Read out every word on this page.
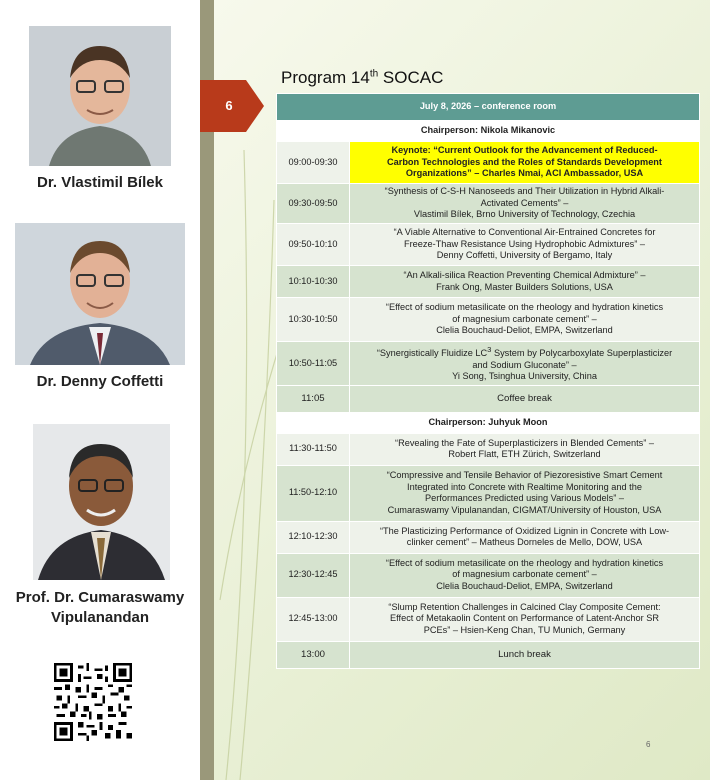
Dr. Vlastimil Bílek
Dr. Denny Coffetti
Prof. Dr. Cumaraswamy
Vipulanandan
6
Program 14th SOCAC
July 8, 2026 – conference room	
Chairperson: Nikola Mikanovic	
09:00-09:30	Keynote: “Current Outlook for the Advancement of Reduced-
Carbon Technologies and the Roles of Standards Development
Organizations” – Charles Nmai, ACI Ambassador, USA

09:30-09:50	“Synthesis of C-S-H Nanoseeds and Their Utilization in Hybrid Alkali-
Activated Cements” –
Vlastimil Bílek, Brno University of Technology, Czechia

09:50-10:10	“A Viable Alternative to Conventional Air-Entrained Concretes for
Freeze-Thaw Resistance Using Hydrophobic Admixtures” –
Denny Coffetti, University of Bergamo, Italy

10:10-10:30	“An Alkali-silica Reaction Preventing Chemical Admixture” –
Frank Ong, Master Builders Solutions, USA

10:30-10:50	“Effect of sodium metasilicate on the rheology and hydration kinetics
of magnesium carbonate cement” –
Clelia Bouchaud-Deliot, EMPA, Switzerland

10:50-11:05	“Synergistically Fluidize $LC^3$ System by Polycarboxylate Superplasticizer
and Sodium Gluconate” –
Yi Song, Tsinghua University, China

11:05	Coffee break
Chairperson: Juhyuk Moon	
11:30-11:50	“Revealing the Fate of Superplasticizers in Blended Cements” –
Robert Flatt, ETH Zürich, Switzerland

11:50-12:10	“Compressive and Tensile Behavior of Piezoresistive Smart Cement
Integrated into Concrete with Realtime Monitoring and the
Performances Predicted using Various Models” –
Cumaraswamy Vipulanandan, CIGMAT/University of Houston, USA

12:10-12:30	“The Plasticizing Performance of Oxidized Lignin in Concrete with Low-
clinker cement” – Matheus Dorneles de Mello, DOW, USA

12:30-12:45	“Effect of sodium metasilicate on the rheology and hydration kinetics
of magnesium carbonate cement” –
Clelia Bouchaud-Deliot, EMPA, Switzerland

12:45-13:00	“Slump Retention Challenges in Calcined Clay Composite Cement:
Effect of Metakaolin Content on Performance of Latent-Anchor SR
PCEs” – Hsien-Keng Chan, TU Munich, Germany

13:00	Lunch break
6
